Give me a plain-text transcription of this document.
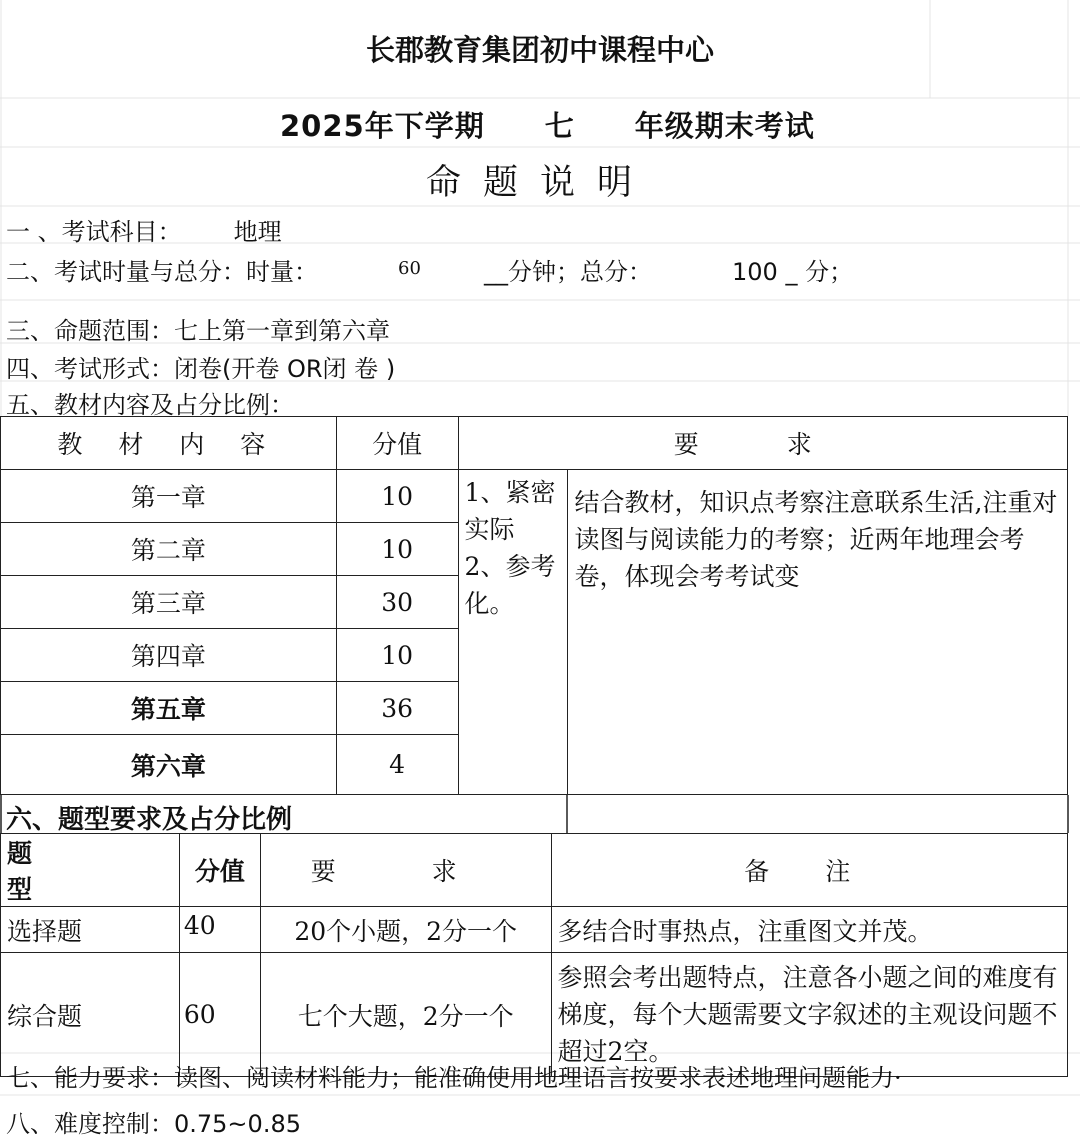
长郡教育集团初中课程中心
2025年下学期 七 年级期末考试
命题说明
一 、考试科目： 地理
二、考试时量与总分：时量：	60	__分钟；总分：	100 _ 分；
三、命题范围：七上第一章到第六章
四、考试形式：闭卷(开卷 OR闭 卷 )
五、教材内容及占分比例：
教 材 内 容	分值	要 求	
第一章	10	1、紧密 实际 2、参考化。	结合教材，知识点考察注意联系生活,注重对读图与阅读能力的考察；近两年地理会考卷，体现会考考试变
第二章	10		
第三章	30		
第四章	10		
第五章	36		
第六章	4		
六、题型要求及占分比例
题 型	分值	要 求	备 注
选择题	40	20个小题，2分一个	多结合时事热点，注重图文并茂。
综合题	60	七个大题，2分一个	参照会考出题特点，注意各小题之间的难度有梯度，每个大题需要文字叙述的主观设问题不超过2空。
七、能力要求：读图、阅读材料能力；能准确使用地理语言按要求表述地理问题能力·
八、难度控制：0.75~0.85
